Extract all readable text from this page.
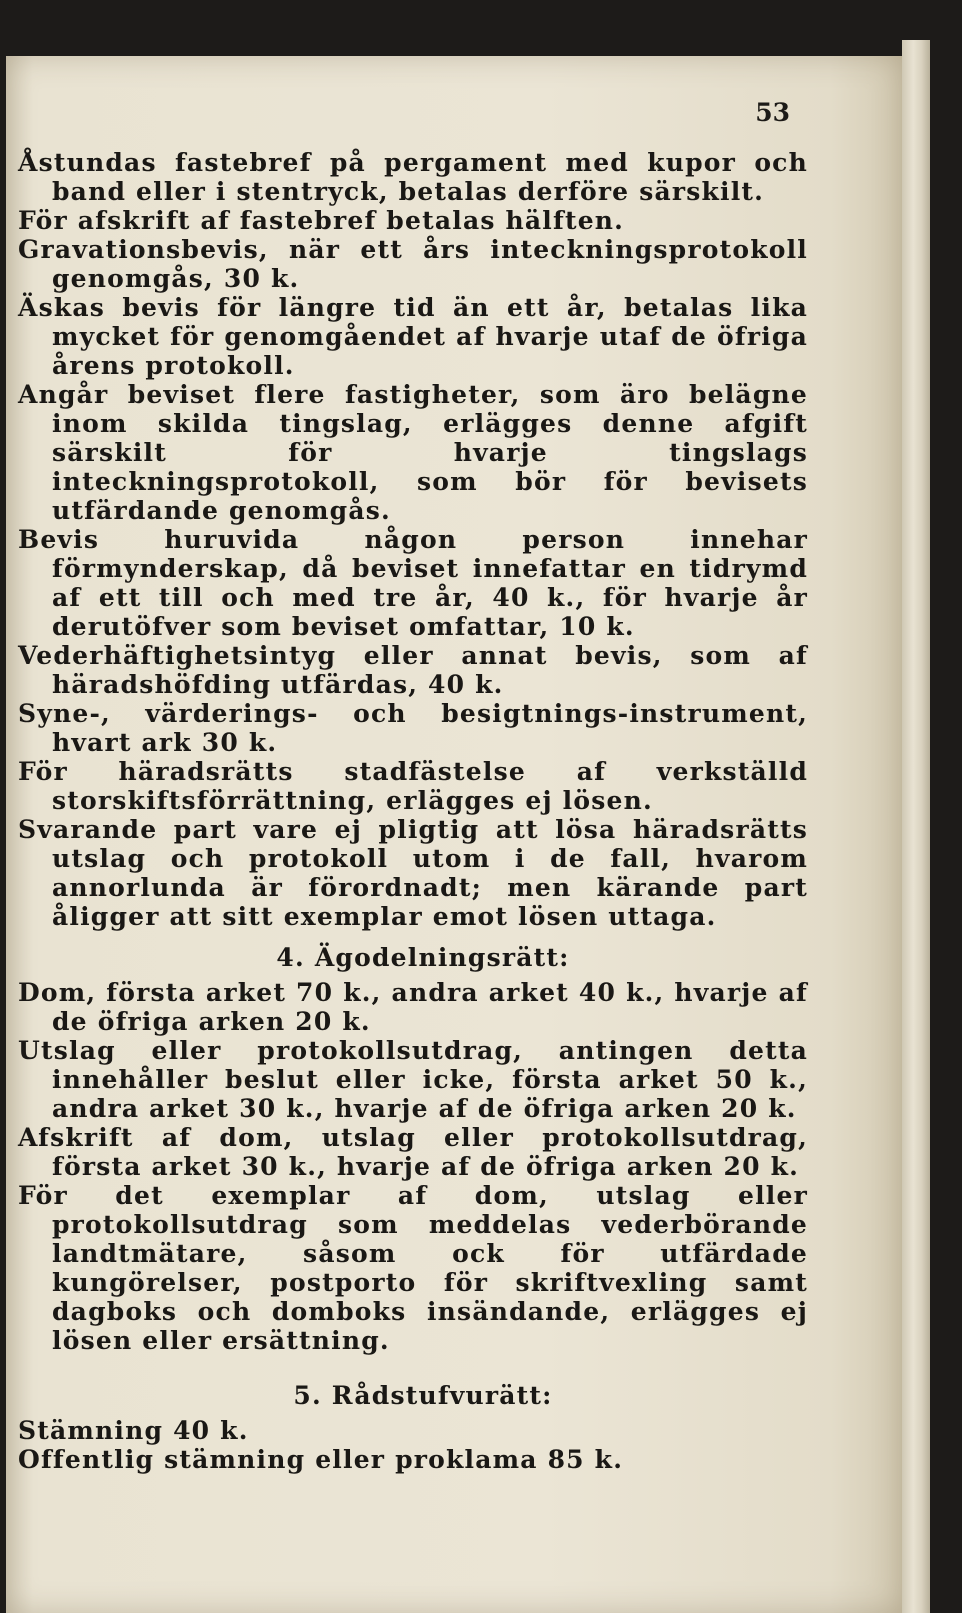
53

Åstundas fastebref på pergament med kupor och band eller i stentryck, betalas derföre särskilt.

För afskrift af fastebref betalas hälften.

Gravationsbevis, när ett års inteckningsprotokoll genomgås, 30 k.

Äskas bevis för längre tid än ett år, betalas lika mycket för genomgåendet af hvarje utaf de öfriga årens protokoll.

Angår beviset flere fastigheter, som äro belägne inom skilda tingslag, erlägges denne afgift särskilt för hvarje tingslags inteckningsprotokoll, som bör för bevisets utfärdande genomgås.

Bevis huruvida någon person innehar förmynderskap, då beviset innefattar en tidrymd af ett till och med tre år, 40 k., för hvarje år derutöfver som beviset omfattar, 10 k.

Vederhäftighetsintyg eller annat bevis, som af häradshöfding utfärdas, 40 k.

Syne-, värderings- och besigtnings-instrument, hvart ark 30 k.

För häradsrätts stadfästelse af verkställd storskiftsförrättning, erlägges ej lösen.

Svarande part vare ej pligtig att lösa häradsrätts utslag och protokoll utom i de fall, hvarom annorlunda är förordnadt; men kärande part åligger att sitt exemplar emot lösen uttaga.

4. Ägodelningsrätt:

Dom, första arket 70 k., andra arket 40 k., hvarje af de öfriga arken 20 k.

Utslag eller protokollsutdrag, antingen detta innehåller beslut eller icke, första arket 50 k., andra arket 30 k., hvarje af de öfriga arken 20 k.

Afskrift af dom, utslag eller protokollsutdrag, första arket 30 k., hvarje af de öfriga arken 20 k.

För det exemplar af dom, utslag eller protokollsutdrag som meddelas vederbörande landtmätare, såsom ock för utfärdade kungörelser, postporto för skriftvexling samt dagboks och domboks insändande, erlägges ej lösen eller ersättning.

5. Rådstufvurätt:

Stämning 40 k.

Offentlig stämning eller proklama 85 k.
